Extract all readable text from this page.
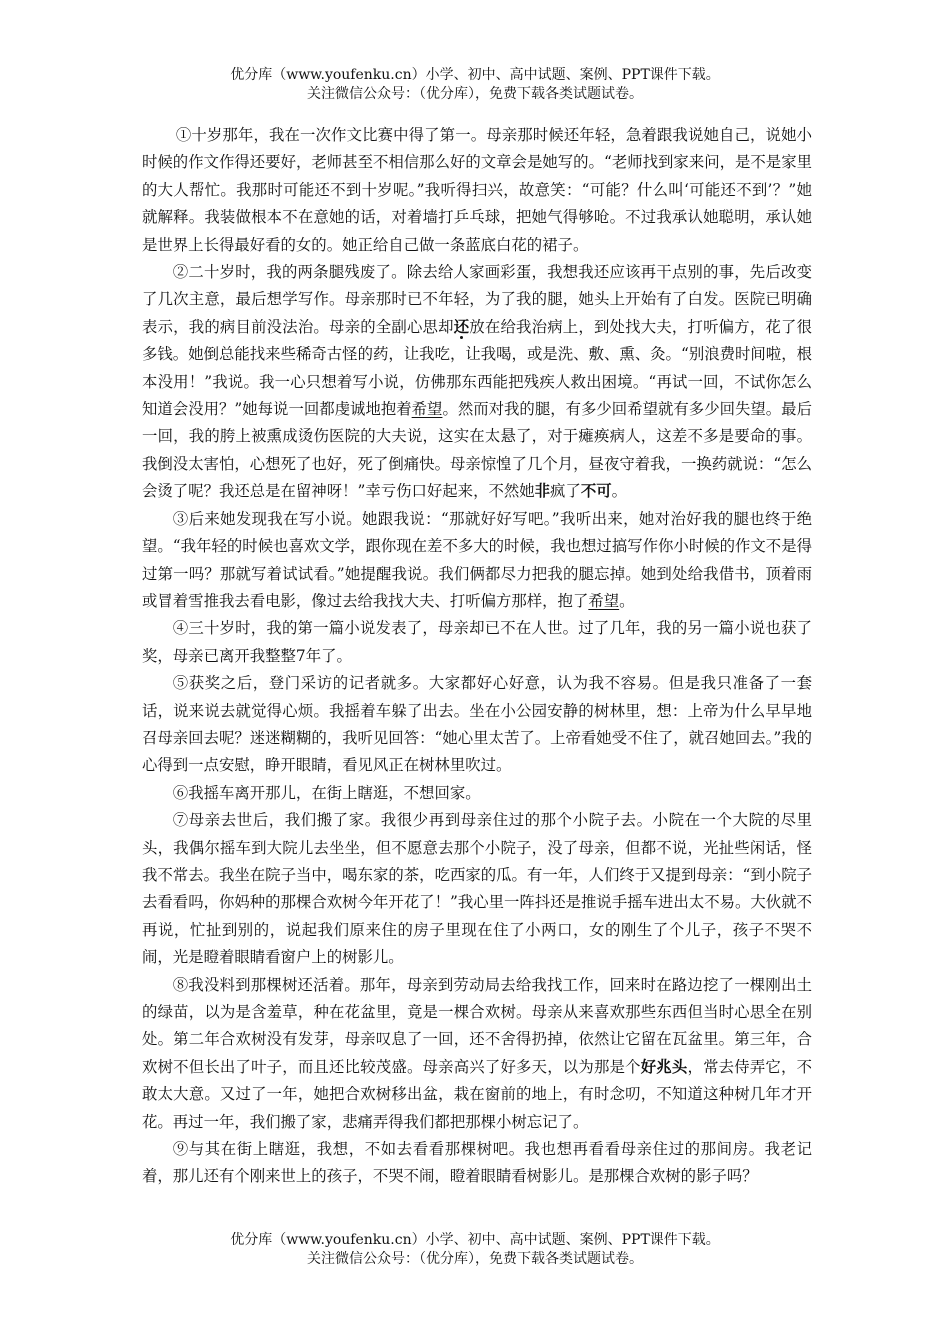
优分库（www.youfenku.cn）小学、初中、高中试题、案例、PPT课件下载。
关注微信公众号：（优分库），免费下载各类试题试卷。

①十岁那年，我在一次作文比赛中得了第一。母亲那时候还年轻，急着跟我说她自己，说她小时候的作文作得还要好，老师甚至不相信那么好的文章会是她写的。“老师找到家来问，是不是家里的大人帮忙。我那时可能还不到十岁呢。”我听得扫兴，故意笑：“可能？什么叫‘可能还不到’？”她就解释。我装做根本不在意她的话，对着墙打乒乓球，把她气得够呛。不过我承认她聪明，承认她是世界上长得最好看的女的。她正给自己做一条蓝底白花的裙子。

②二十岁时，我的两条腿残废了。除去给人家画彩蛋，我想我还应该再干点别的事，先后改变了几次主意，最后想学写作。母亲那时已不年轻，为了我的腿，她头上开始有了白发。医院已明确表示，我的病目前没法治。母亲的全副心思却还放在给我治病上，到处找大夫，打听偏方，花了很多钱。她倒总能找来些稀奇古怪的药，让我吃，让我喝，或是洗、敷、熏、灸。“别浪费时间啦，根本没用！”我说。我一心只想着写小说，仿佛那东西能把残疾人救出困境。“再试一回，不试你怎么知道会没用？”她每说一回都虔诚地抱着希望。然而对我的腿，有多少回希望就有多少回失望。最后一回，我的胯上被熏成烫伤医院的大夫说，这实在太悬了，对于瘫痪病人，这差不多是要命的事。我倒没太害怕，心想死了也好，死了倒痛快。母亲惊惶了几个月，昼夜守着我，一换药就说：“怎么会烫了呢？我还总是在留神呀！”幸亏伤口好起来，不然她非疯了不可。

③后来她发现我在写小说。她跟我说：“那就好好写吧。”我听出来，她对治好我的腿也终于绝望。“我年轻的时候也喜欢文学，跟你现在差不多大的时候，我也想过搞写作你小时候的作文不是得过第一吗？那就写着试试看。”她提醒我说。我们俩都尽力把我的腿忘掉。她到处给我借书，顶着雨或冒着雪推我去看电影，像过去给我找大夫、打听偏方那样，抱了希望。

④三十岁时，我的第一篇小说发表了，母亲却已不在人世。过了几年，我的另一篇小说也获了奖，母亲已离开我整整7年了。

⑤获奖之后，登门采访的记者就多。大家都好心好意，认为我不容易。但是我只准备了一套话，说来说去就觉得心烦。我摇着车躲了出去。坐在小公园安静的树林里，想：上帝为什么早早地召母亲回去呢？迷迷糊糊的，我听见回答：“她心里太苦了。上帝看她受不住了，就召她回去。”我的心得到一点安慰，睁开眼睛，看见风正在树林里吹过。

⑥我摇车离开那儿，在街上瞎逛，不想回家。

⑦母亲去世后，我们搬了家。我很少再到母亲住过的那个小院子去。小院在一个大院的尽里头，我偶尔摇车到大院儿去坐坐，但不愿意去那个小院子，没了母亲，但都不说，光扯些闲话，怪我不常去。我坐在院子当中，喝东家的茶，吃西家的瓜。有一年，人们终于又提到母亲：“到小院子去看看吗，你妈种的那棵合欢树今年开花了！”我心里一阵抖还是推说手摇车进出太不易。大伙就不再说，忙扯到别的，说起我们原来住的房子里现在住了小两口，女的刚生了个儿子，孩子不哭不闹，光是瞪着眼睛看窗户上的树影儿。

⑧我没料到那棵树还活着。那年，母亲到劳动局去给我找工作，回来时在路边挖了一棵刚出土的绿苗，以为是含羞草，种在花盆里，竟是一棵合欢树。母亲从来喜欢那些东西但当时心思全在别处。第二年合欢树没有发芽，母亲叹息了一回，还不舍得扔掉，依然让它留在瓦盆里。第三年，合欢树不但长出了叶子，而且还比较茂盛。母亲高兴了好多天，以为那是个好兆头，常去侍弄它，不敢太大意。又过了一年，她把合欢树移出盆，栽在窗前的地上，有时念叨，不知道这种树几年才开花。再过一年，我们搬了家，悲痛弄得我们都把那棵小树忘记了。

⑨与其在街上瞎逛，我想，不如去看看那棵树吧。我也想再看看母亲住过的那间房。我老记着，那儿还有个刚来世上的孩子，不哭不闹，瞪着眼睛看树影儿。是那棵合欢树的影子吗？

优分库（www.youfenku.cn）小学、初中、高中试题、案例、PPT课件下载。
关注微信公众号：（优分库），免费下载各类试题试卷。
